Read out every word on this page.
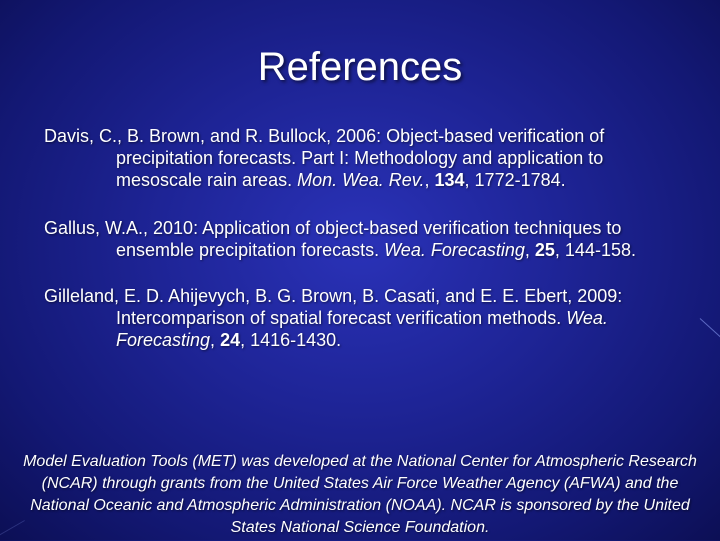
References

Davis, C., B. Brown, and R. Bullock, 2006: Object-based verification of precipitation forecasts. Part I: Methodology and application to mesoscale rain areas. Mon. Wea. Rev., 134, 1772-1784.

Gallus, W.A., 2010: Application of object-based verification techniques to ensemble precipitation forecasts. Wea. Forecasting, 25, 144-158.

Gilleland, E. D. Ahijevych, B. G. Brown, B. Casati, and E. E. Ebert, 2009: Intercomparison of spatial forecast verification methods. Wea. Forecasting, 24, 1416-1430.

Model Evaluation Tools (MET) was developed at the National Center for Atmospheric Research (NCAR) through grants from the United States Air Force Weather Agency (AFWA) and the National Oceanic and Atmospheric Administration (NOAA). NCAR is sponsored by the United States National Science Foundation.
